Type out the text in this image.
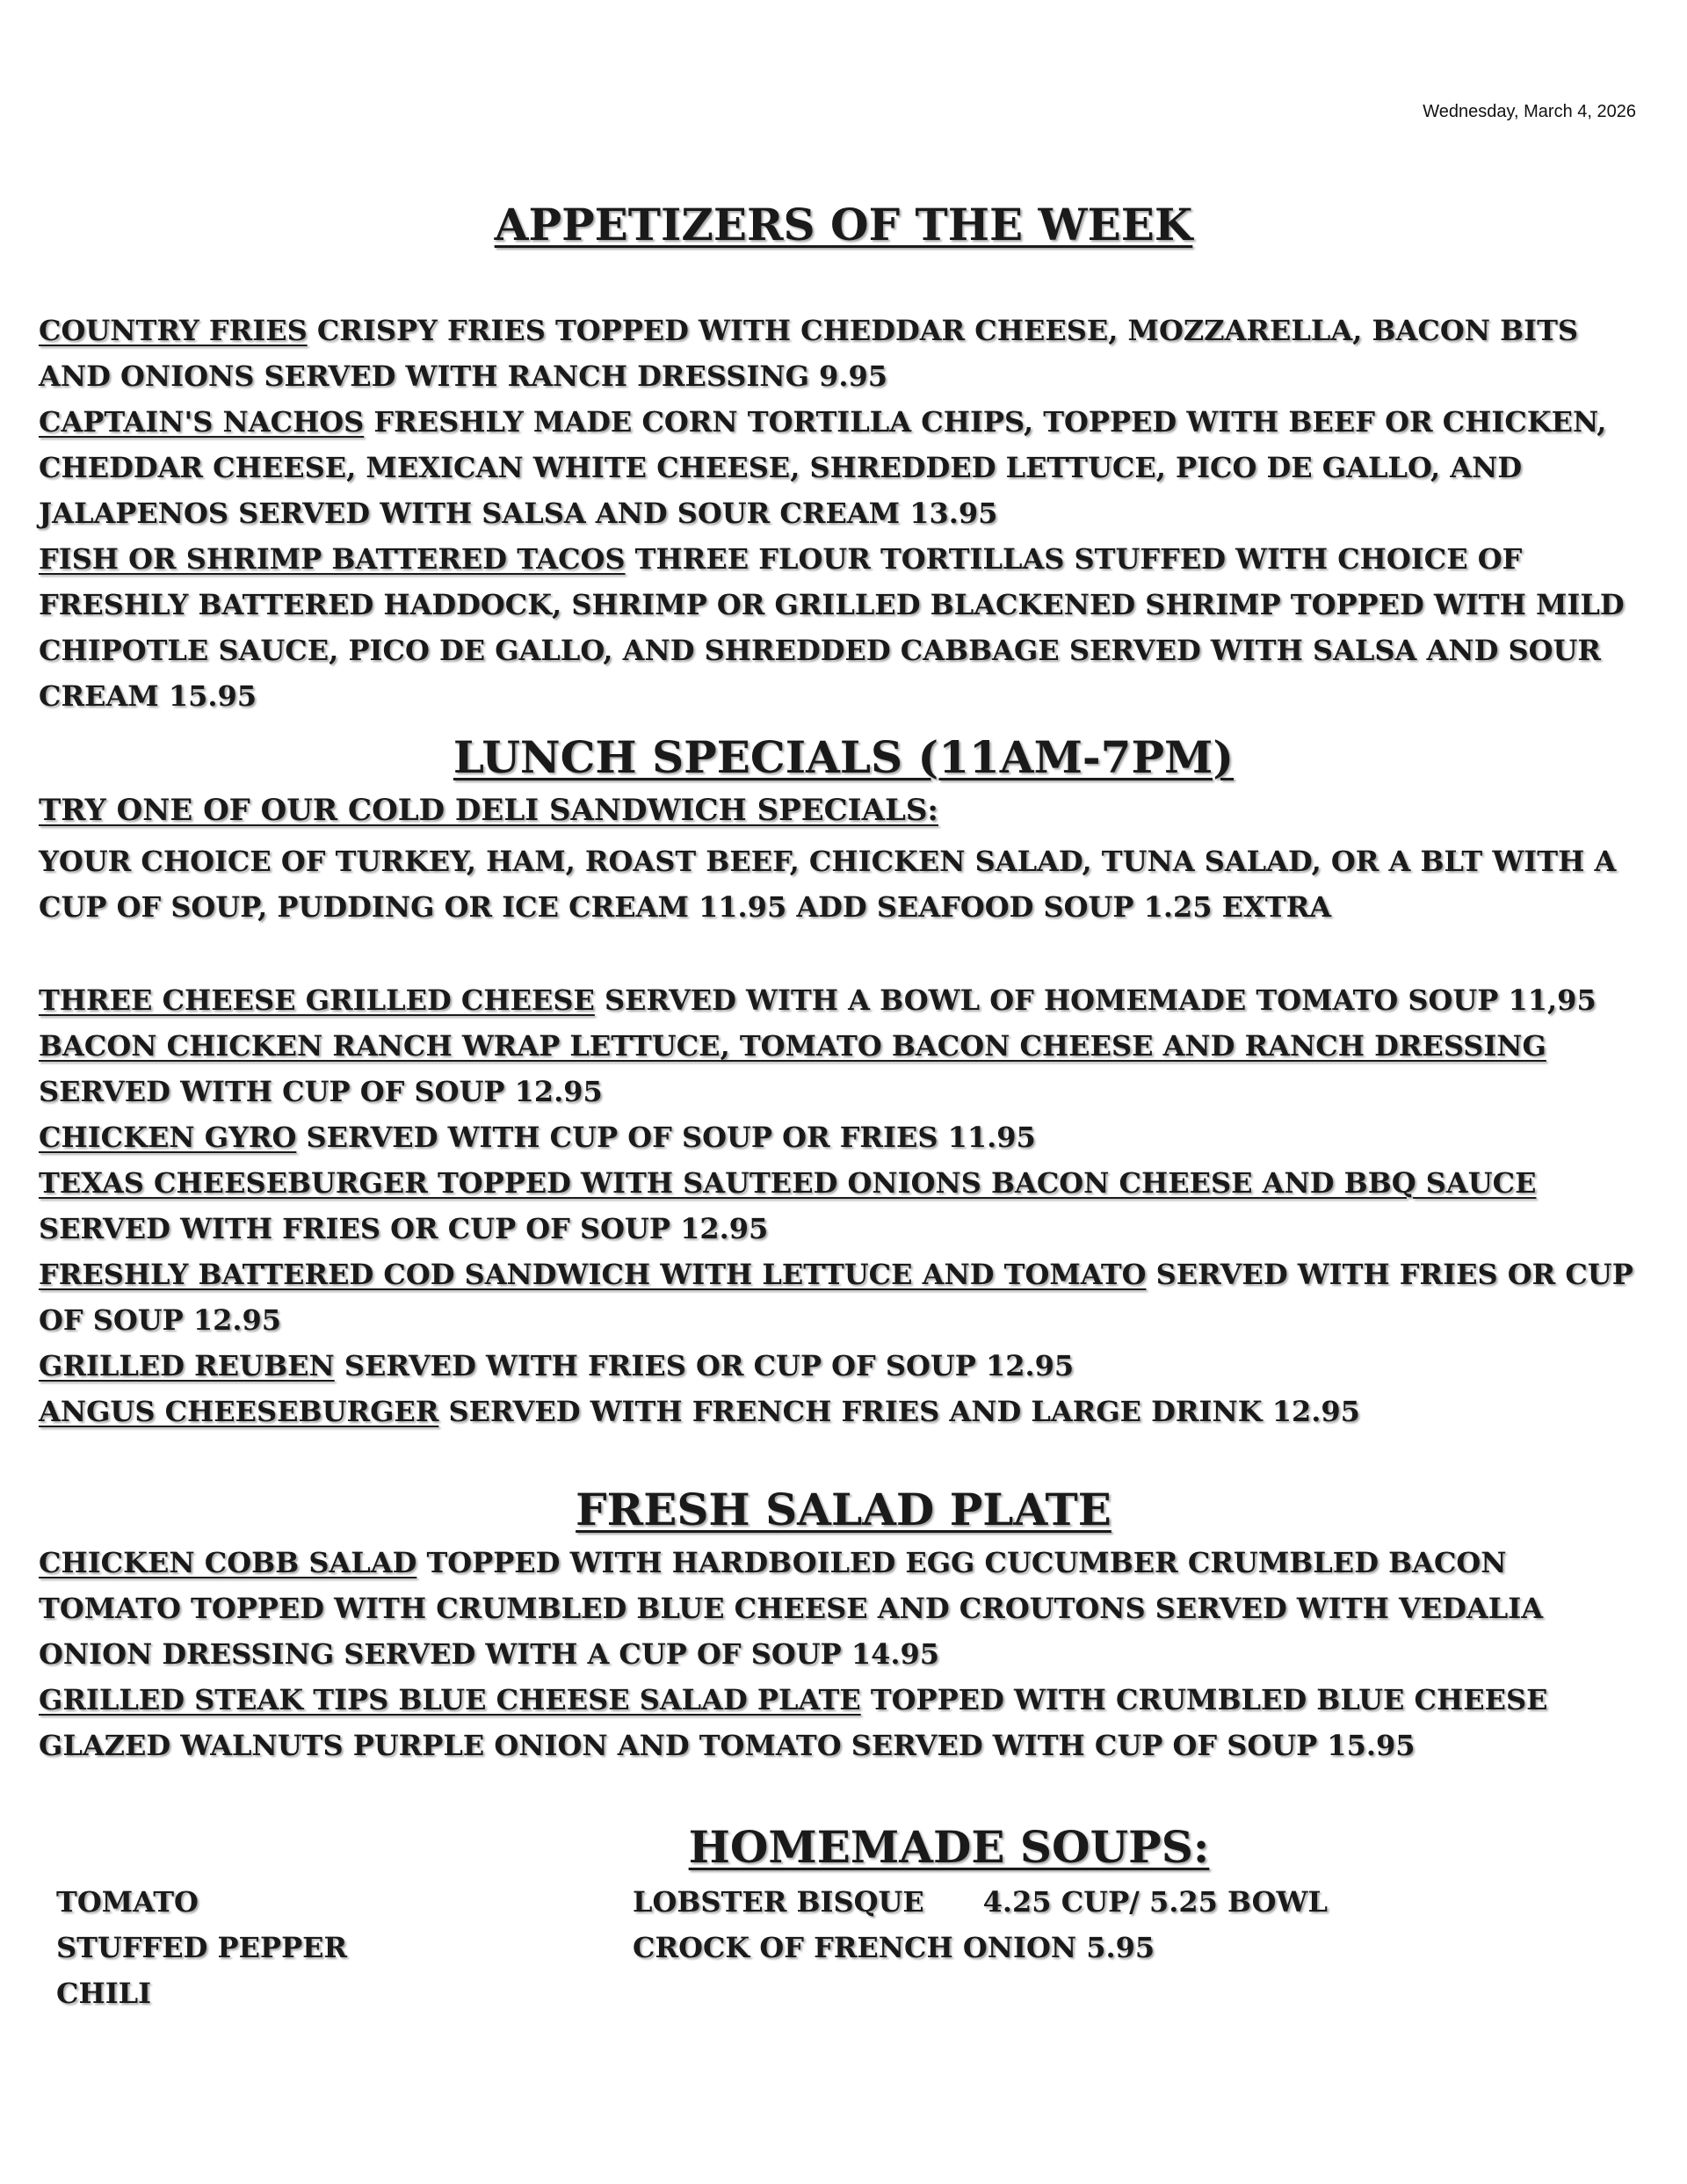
Wednesday, March 4, 2026
APPETIZERS OF THE WEEK
COUNTRY FRIES CRISPY FRIES TOPPED WITH CHEDDAR CHEESE, MOZZARELLA, BACON BITS AND ONIONS SERVED WITH RANCH DRESSING 9.95
CAPTAIN'S NACHOS FRESHLY MADE CORN TORTILLA CHIPS, TOPPED WITH BEEF OR CHICKEN, CHEDDAR CHEESE, MEXICAN WHITE CHEESE, SHREDDED LETTUCE, PICO DE GALLO, AND JALAPENOS SERVED WITH SALSA AND SOUR CREAM 13.95
FISH OR SHRIMP BATTERED TACOS THREE FLOUR TORTILLAS STUFFED WITH CHOICE OF FRESHLY BATTERED HADDOCK, SHRIMP OR GRILLED BLACKENED SHRIMP TOPPED WITH MILD CHIPOTLE SAUCE, PICO DE GALLO, AND SHREDDED CABBAGE SERVED WITH SALSA AND SOUR CREAM 15.95
LUNCH SPECIALS (11AM-7PM)
TRY ONE OF OUR COLD DELI SANDWICH SPECIALS:
YOUR CHOICE OF TURKEY, HAM, ROAST BEEF, CHICKEN SALAD, TUNA SALAD, OR A BLT WITH A CUP OF SOUP, PUDDING OR ICE CREAM 11.95 ADD SEAFOOD SOUP 1.25 EXTRA
THREE CHEESE GRILLED CHEESE SERVED WITH A BOWL OF HOMEMADE TOMATO SOUP 11,95
BACON CHICKEN RANCH WRAP LETTUCE, TOMATO BACON CHEESE AND RANCH DRESSING SERVED WITH CUP OF SOUP 12.95
CHICKEN GYRO SERVED WITH CUP OF SOUP OR FRIES 11.95
TEXAS CHEESEBURGER TOPPED WITH SAUTEED ONIONS BACON CHEESE AND BBQ SAUCE SERVED WITH FRIES OR CUP OF SOUP 12.95
FRESHLY BATTERED COD SANDWICH WITH LETTUCE AND TOMATO SERVED WITH FRIES OR CUP OF SOUP 12.95
GRILLED REUBEN SERVED WITH FRIES OR CUP OF SOUP 12.95
ANGUS CHEESEBURGER SERVED WITH FRENCH FRIES AND LARGE DRINK 12.95
FRESH SALAD PLATE
CHICKEN COBB SALAD TOPPED WITH HARDBOILED EGG CUCUMBER CRUMBLED BACON TOMATO TOPPED WITH CRUMBLED BLUE CHEESE AND CROUTONS SERVED WITH VEDALIA ONION DRESSING SERVED WITH A CUP OF SOUP 14.95
GRILLED STEAK TIPS BLUE CHEESE SALAD PLATE TOPPED WITH CRUMBLED BLUE CHEESE GLAZED WALNUTS PURPLE ONION AND TOMATO SERVED WITH CUP OF SOUP 15.95
HOMEMADE SOUPS:
TOMATO
STUFFED PEPPER
CHILI
LOBSTER BISQUE      4.25 CUP/ 5.25 BOWL
CROCK OF FRENCH ONION 5.95
